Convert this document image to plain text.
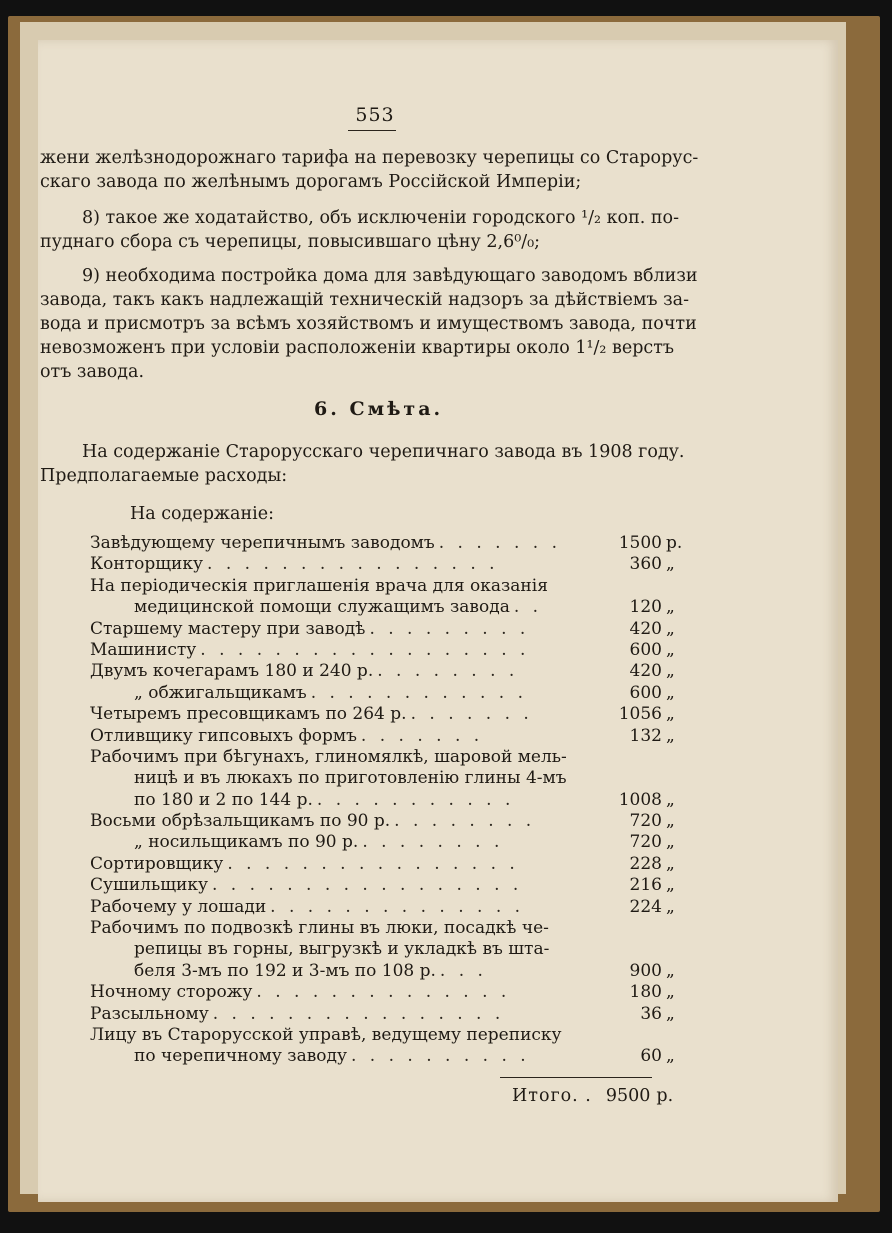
553
жени желѣзнодорожнаго тарифа на перевозку черепицы со Старорус-
скаго завода по желѣнымъ дорогамъ Россiйской Имперiи;
8) такое же ходатайство, объ исключенiи городского ¹/₂ коп. по-
пуднаго сбора съ черепицы, повысившаго цѣну 2,6⁰/₀;
9) необходима постройка дома для завѣдующаго заводомъ вблизи
завода, такъ какъ надлежащiй техническiй надзоръ за дѣйствiемъ за-
вода и присмотръ за всѣмъ хозяйствомъ и имуществомъ завода, почти
невозможенъ при условiи расположенiи квартиры около 1¹/₂ верстъ
отъ завода.
6. Смѣта.
На содержанiе Старорусскаго черепичнаго завода въ 1908 году.
Предполагаемые расходы:
На содержанiе:
Завѣдующему черепичнымъ заводомъ . . . . . . .	1500 р.
Конторщику . . . . . . . . . . . . . . . .	360 „
На перiодическiя приглашенiя врача для оказанiя
медицинской помощи служащимъ завода . .	120 „
Старшему мастеру при заводѣ . . . . . . . . .	420 „
Машинисту . . . . . . . . . . . . . . . . . .	600 „
Двумъ кочегарамъ 180 и 240 р. . . . . . . . .	420 „
„ обжигальщикамъ . . . . . . . . . . . .	600 „
Четыремъ пресовщикамъ по 264 р. . . . . . . .	1056 „
Отливщику гипсовыхъ формъ . . . . . . .	132 „
Рабочимъ при бѣгунахъ, глиномялкѣ, шаровой мель-
ницѣ и въ люкахъ по приготовленiю глины 4-мъ
по 180 и 2 по 144 р. . . . . . . . . . . .	1008 „
Восьми обрѣзальщикамъ по 90 р. . . . . . . . .	720 „
„ носильщикамъ по 90 р. . . . . . . . .	720 „
Сортировщику . . . . . . . . . . . . . . . .	228 „
Сушильщику . . . . . . . . . . . . . . . . .	216 „
Рабочему у лошади . . . . . . . . . . . . . .	224 „
Рабочимъ по подвозкѣ глины въ люки, посадкѣ че-
репицы въ горны, выгрузкѣ и укладкѣ въ шта-
беля 3-мъ по 192 и 3-мъ по 108 р. . . .	900 „
Ночному сторожу . . . . . . . . . . . . . .	180 „
Разсыльному . . . . . . . . . . . . . . . .	36 „
Лицу въ Старорусской управѣ, ведущему переписку
по черепичному заводу . . . . . . . . . .	60 „
Итого. . 9500 р.
